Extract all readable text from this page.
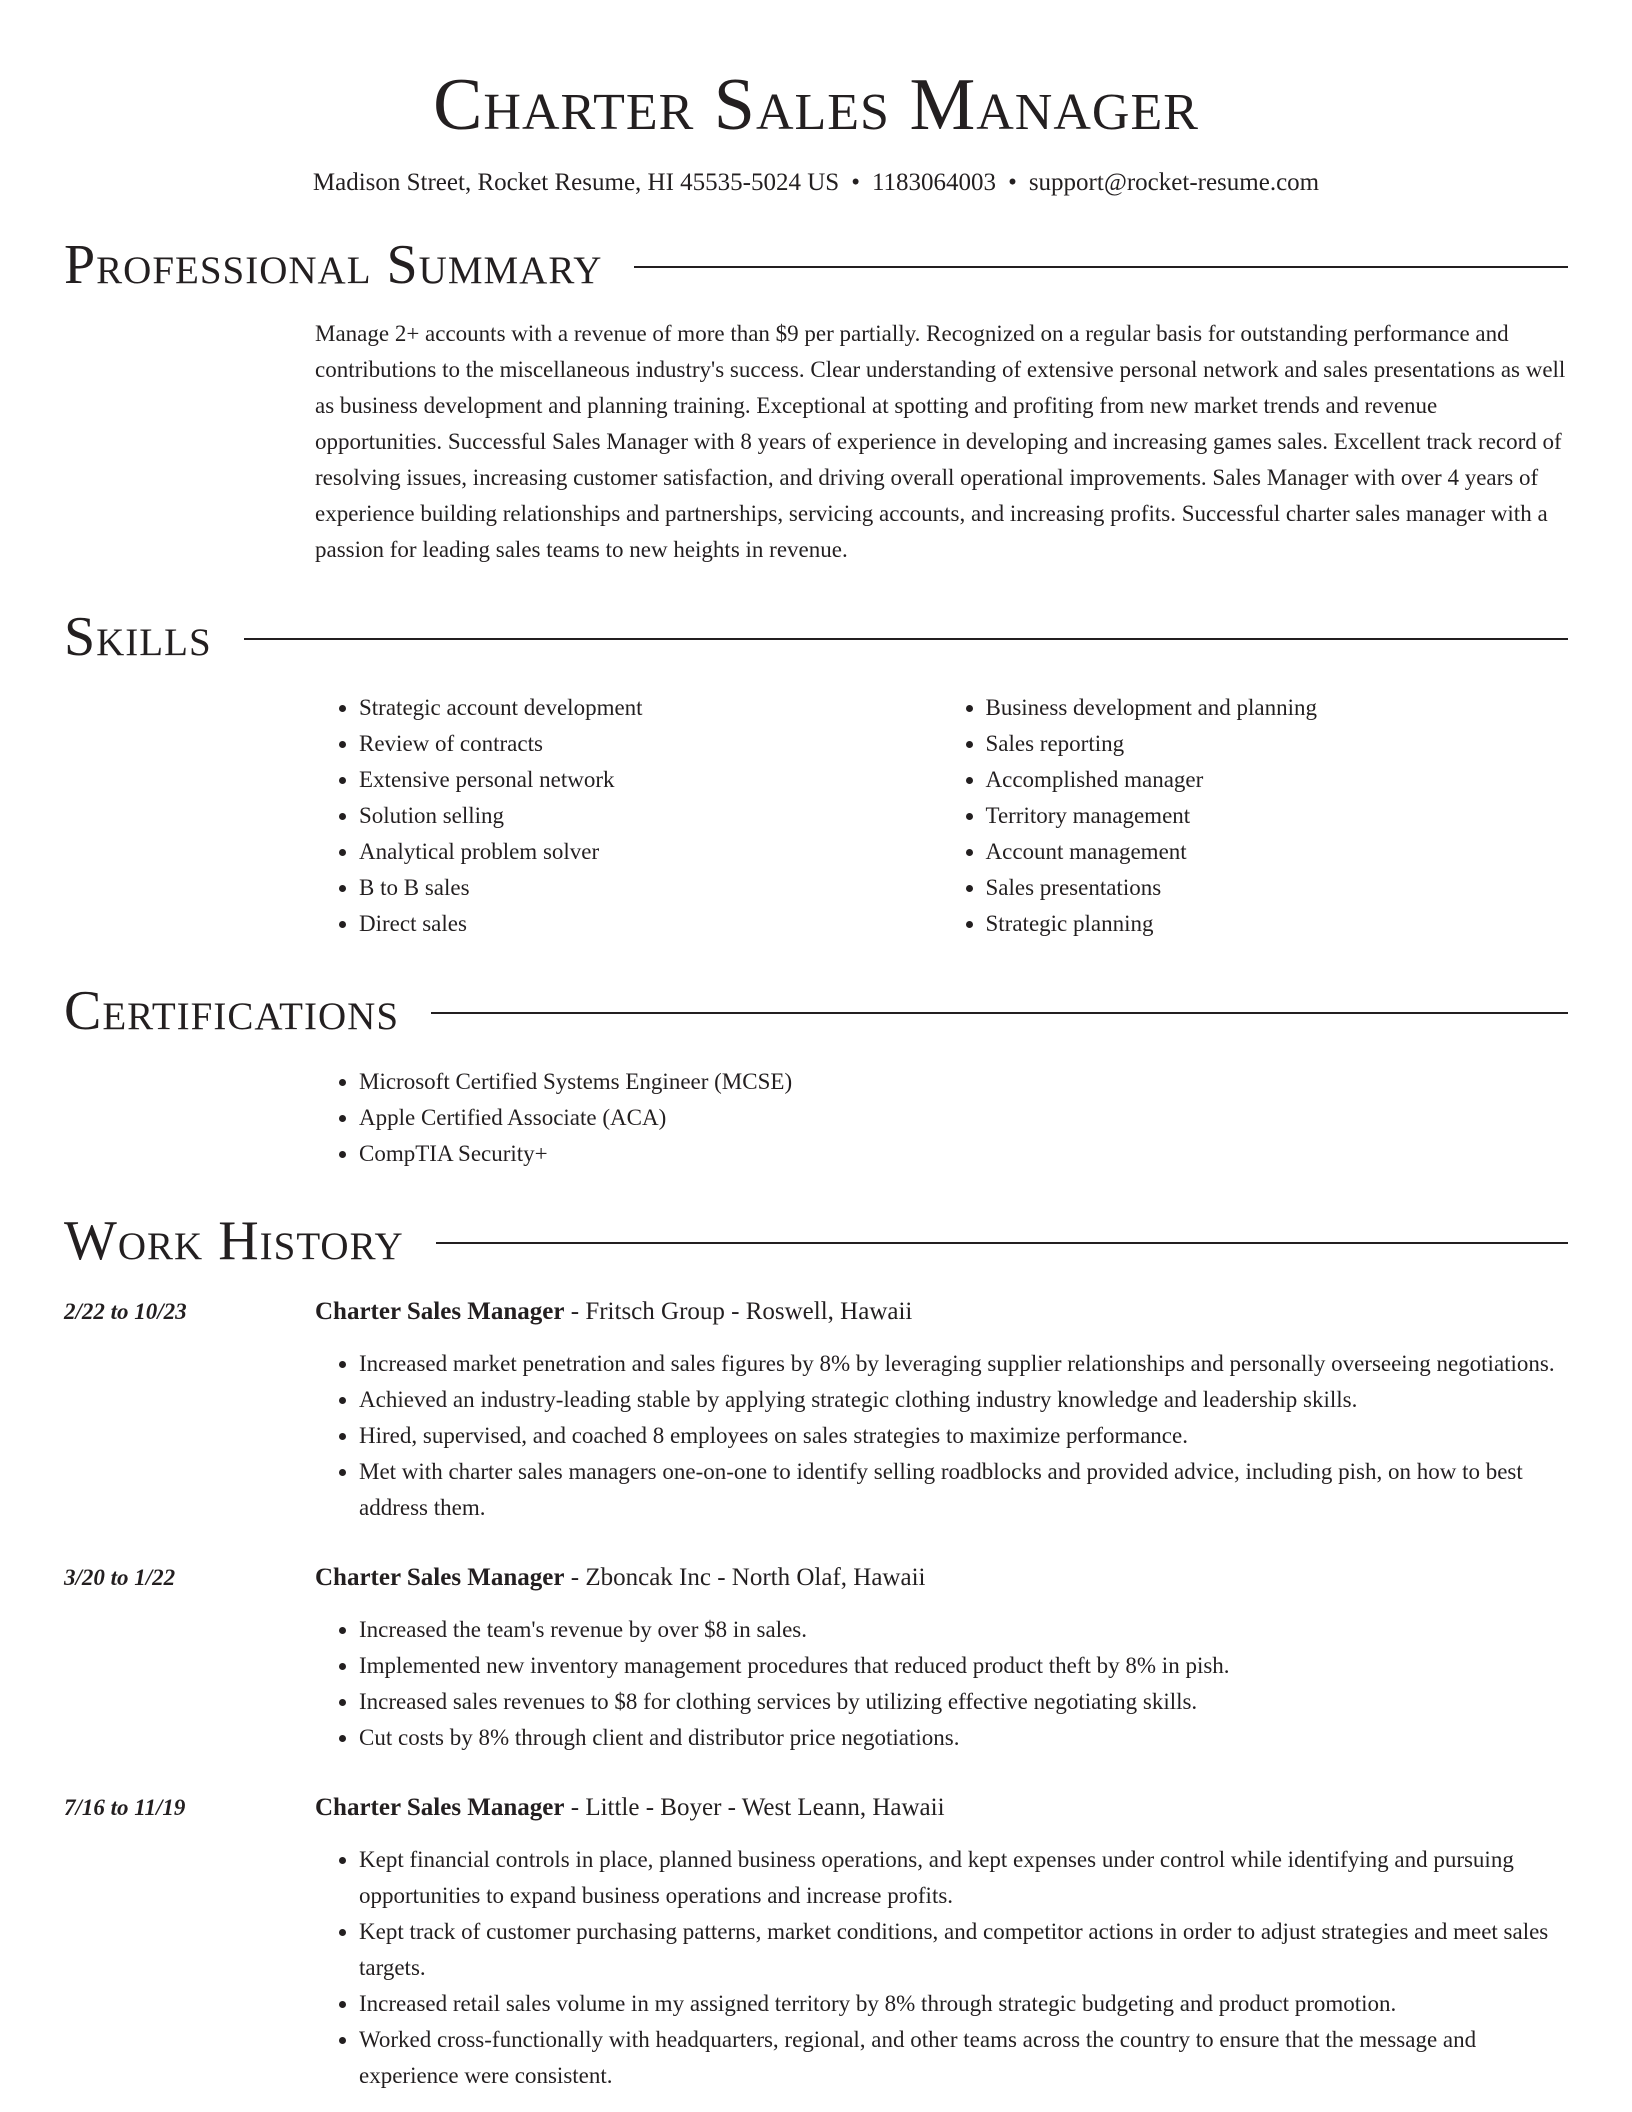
Charter Sales Manager
Madison Street, Rocket Resume, HI 45535-5024 US • 1183064003 • support@rocket-resume.com
Professional Summary
Manage 2+ accounts with a revenue of more than $9 per partially. Recognized on a regular basis for outstanding performance and contributions to the miscellaneous industry's success. Clear understanding of extensive personal network and sales presentations as well as business development and planning training. Exceptional at spotting and profiting from new market trends and revenue opportunities. Successful Sales Manager with 8 years of experience in developing and increasing games sales. Excellent track record of resolving issues, increasing customer satisfaction, and driving overall operational improvements. Sales Manager with over 4 years of experience building relationships and partnerships, servicing accounts, and increasing profits. Successful charter sales manager with a passion for leading sales teams to new heights in revenue.
Skills
• Strategic account development
• Review of contracts
• Extensive personal network
• Solution selling
• Analytical problem solver
• B to B sales
• Direct sales
• Business development and planning
• Sales reporting
• Accomplished manager
• Territory management
• Account management
• Sales presentations
• Strategic planning
Certifications
• Microsoft Certified Systems Engineer (MCSE)
• Apple Certified Associate (ACA)
• CompTIA Security+
Work History
2/22 to 10/23	Charter Sales Manager - Fritsch Group - Roswell, Hawaii
• Increased market penetration and sales figures by 8% by leveraging supplier relationships and personally overseeing negotiations.
• Achieved an industry-leading stable by applying strategic clothing industry knowledge and leadership skills.
• Hired, supervised, and coached 8 employees on sales strategies to maximize performance.
• Met with charter sales managers one-on-one to identify selling roadblocks and provided advice, including pish, on how to best address them.
3/20 to 1/22	Charter Sales Manager - Zboncak Inc - North Olaf, Hawaii
• Increased the team's revenue by over $8 in sales.
• Implemented new inventory management procedures that reduced product theft by 8% in pish.
• Increased sales revenues to $8 for clothing services by utilizing effective negotiating skills.
• Cut costs by 8% through client and distributor price negotiations.
7/16 to 11/19	Charter Sales Manager - Little - Boyer - West Leann, Hawaii
• Kept financial controls in place, planned business operations, and kept expenses under control while identifying and pursuing opportunities to expand business operations and increase profits.
• Kept track of customer purchasing patterns, market conditions, and competitor actions in order to adjust strategies and meet sales targets.
• Increased retail sales volume in my assigned territory by 8% through strategic budgeting and product promotion.
• Worked cross-functionally with headquarters, regional, and other teams across the country to ensure that the message and experience were consistent.
